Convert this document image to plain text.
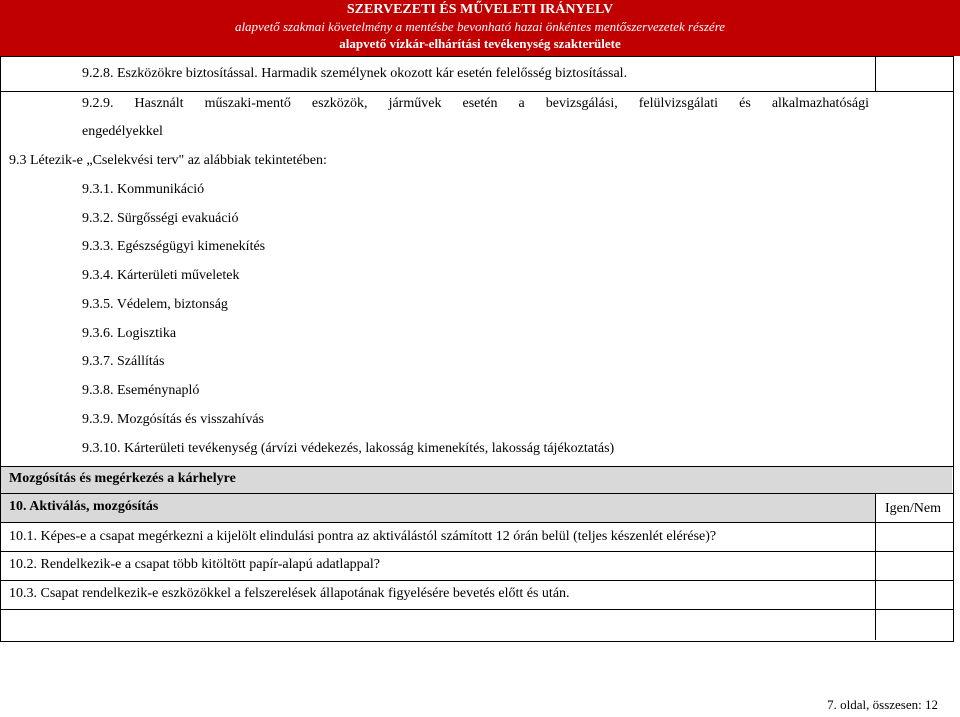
SZERVEZETI ÉS MŰVELETI IRÁNYELV
alapvető szakmai követelmény a mentésbe bevonható hazai önkéntes mentőszervezetek részére
alapvető vízkár-elhárítási tevékenység szakterülete
9.2.8. Eszközökre biztosítással. Harmadik személynek okozott kár esetén felelősség biztosítással.
9.2.9. Használt műszaki-mentő eszközök, járművek esetén a bevizsgálási, felülvizsgálati és alkalmazhatósági
engedélyekkel
9.3 Létezik-e „Cselekvési terv" az alábbiak tekintetében:
9.3.1. Kommunikáció
9.3.2. Sürgősségi evakuáció
9.3.3. Egészségügyi kimenekítés
9.3.4. Kárterületi műveletek
9.3.5. Védelem, biztonság
9.3.6. Logisztika
9.3.7. Szállítás
9.3.8. Eseménynapló
9.3.9. Mozgósítás és visszahívás
9.3.10. Kárterületi tevékenység (árvízi védekezés, lakosság kimenekítés, lakosság tájékoztatás)
Mozgósítás és megérkezés a kárhelyre
10. Aktiválás, mozgósítás	Igen/Nem
10.1. Képes-e a csapat megérkezni a kijelölt elindulási pontra az aktiválástól számított 12 órán belül (teljes készenlét elérése)?
10.2. Rendelkezik-e a csapat több kitöltött papír-alapú adatlappal?
10.3. Csapat rendelkezik-e eszközökkel a felszerelések állapotának figyelésére bevetés előtt és után.
7. oldal, összesen: 12
